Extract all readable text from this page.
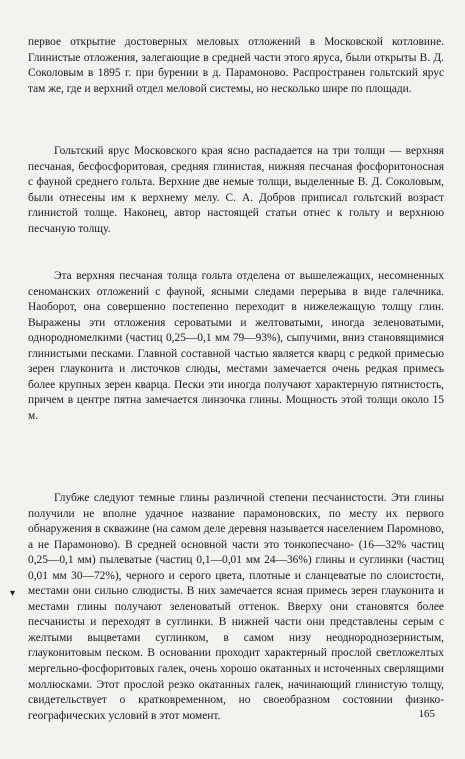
первое открытие достоверных меловых отложений в Московской котловине. Глинистые отложения, залегающие в средней части этого яруса, были открыты В. Д. Соколовым в 1895 г. при бурении в д. Парамоново. Распространен гольтский ярус там же, где и верхний отдел меловой системы, но несколько шире по площади.

Гольтский ярус Московского края ясно распадается на три толщи — верхняя песчаная, бесфосфоритовая, средняя глинистая, нижняя песчаная фосфоритоносная с фауной среднего гольта. Верхние две немые толщи, выделенные В. Д. Соколовым, были отнесены им к верхнему мелу. С. А. Добров приписал гольтский возраст глинистой толще. Наконец, автор настоящей статьи отнес к гольту и верхнюю песчаную толщу.

Эта верхняя песчаная толща гольта отделена от вышележащих, несомненных сеноманских отложений с фауной, ясными следами перерыва в виде галечника. Наоборот, она совершенно постепенно переходит в нижележащую толщу глин. Выражены эти отложения сероватыми и желтоватыми, иногда зеленоватыми, однородномелкими (частиц 0,25—0,1 мм 79—93%), сыпучими, вниз становящимися глинистыми песками. Главной составной частью является кварц с редкой примесью зерен глауконита и листочков слюды, местами замечается очень редкая примесь более крупных зерен кварца. Пески эти иногда получают характерную пятнистость, причем в центре пятна замечается линзочка глины. Мощность этой толщи около 15 м.

Глубже следуют темные глины различной степени песчанистости. Эти глины получили не вполне удачное название парамоновских, по месту их первого обнаружения в скважине (на самом деле деревня называется населением Паромново, а не Парамоново). В средней основной части это тонкопесчано- (16—32% частиц 0,25—0,1 мм) пылеватые (частиц 0,1—0,01 мм 24—36%) глины и суглинки (частиц 0,01 мм 30—72%), черного и серого цвета, плотные и сланцеватые по слоистости, местами они сильно слюдисты. В них замечается ясная примесь зерен глауконита и местами глины получают зеленоватый оттенок. Вверху они становятся более песчанисты и переходят в суглинки. В нижней части они представлены серым с желтыми выцветами суглинком, в самом низу неоднороднозернистым, глауконитовым песком. В основании проходит характерный прослой светложелтых мергельно-фосфоритовых галек, очень хорошо окатанных и источенных сверлящими моллюсками. Этот прослой резко окатанных галек, начинающий глинистую толщу, свидетельствует о кратковременном, но своеобразном состоянии физико-географических условий в этот момент.

▾
165
